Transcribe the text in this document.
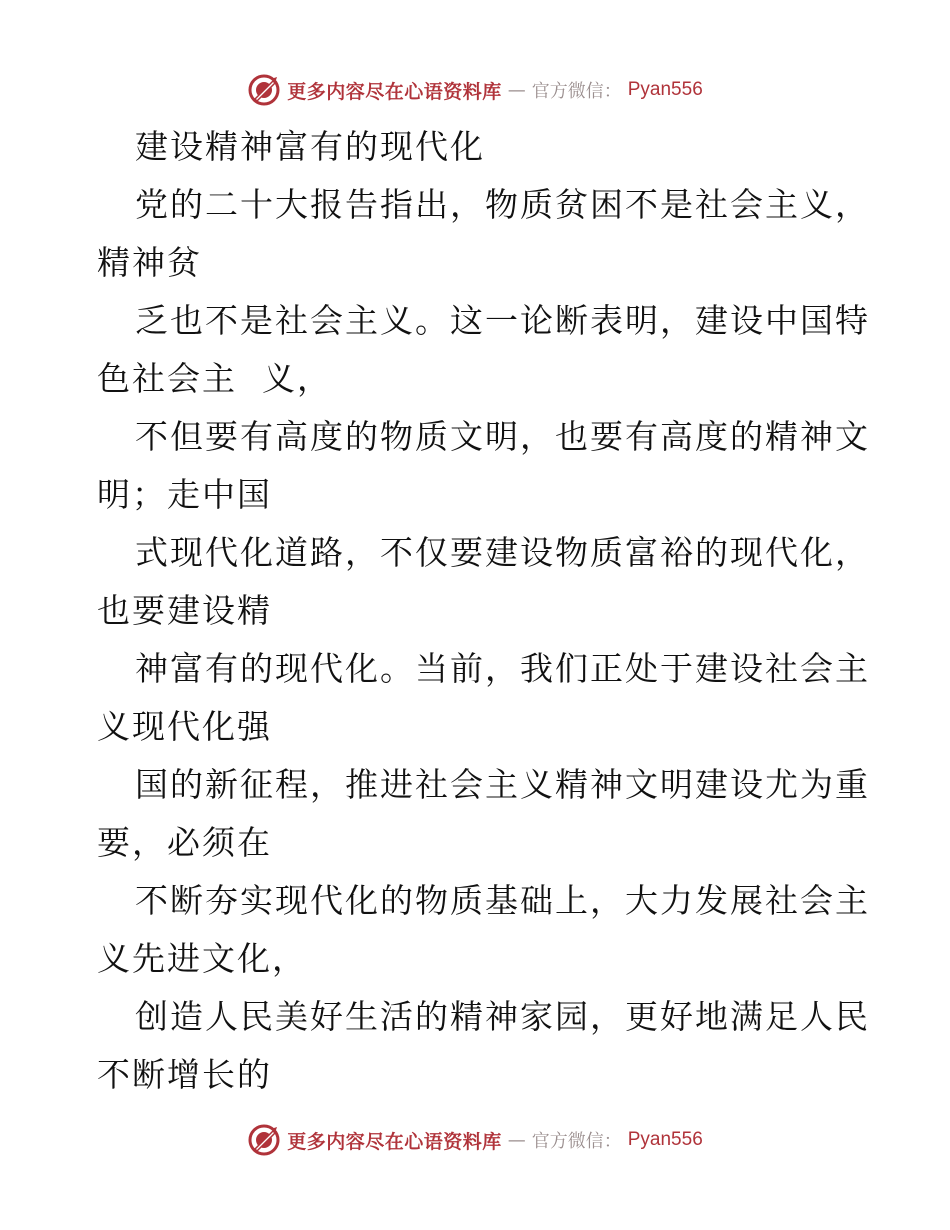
更多内容尽在心语资料库 — 官方微信： Pyan556
建设精神富有的现代化
党的二十大报告指出，物质贫困不是社会主义，
精神贫
乏也不是社会主义。这一论断表明，建设中国特
色社会主  义，
不但要有高度的物质文明，也要有高度的精神文
明；走中国
式现代化道路，不仅要建设物质富裕的现代化，
也要建设精
神富有的现代化。当前，我们正处于建设社会主
义现代化强
国的新征程，推进社会主义精神文明建设尤为重
要，必须在
不断夯实现代化的物质基础上，大力发展社会主
义先进文化，
创造人民美好生活的精神家园，更好地满足人民
不断增长的
更多内容尽在心语资料库 — 官方微信： Pyan556
